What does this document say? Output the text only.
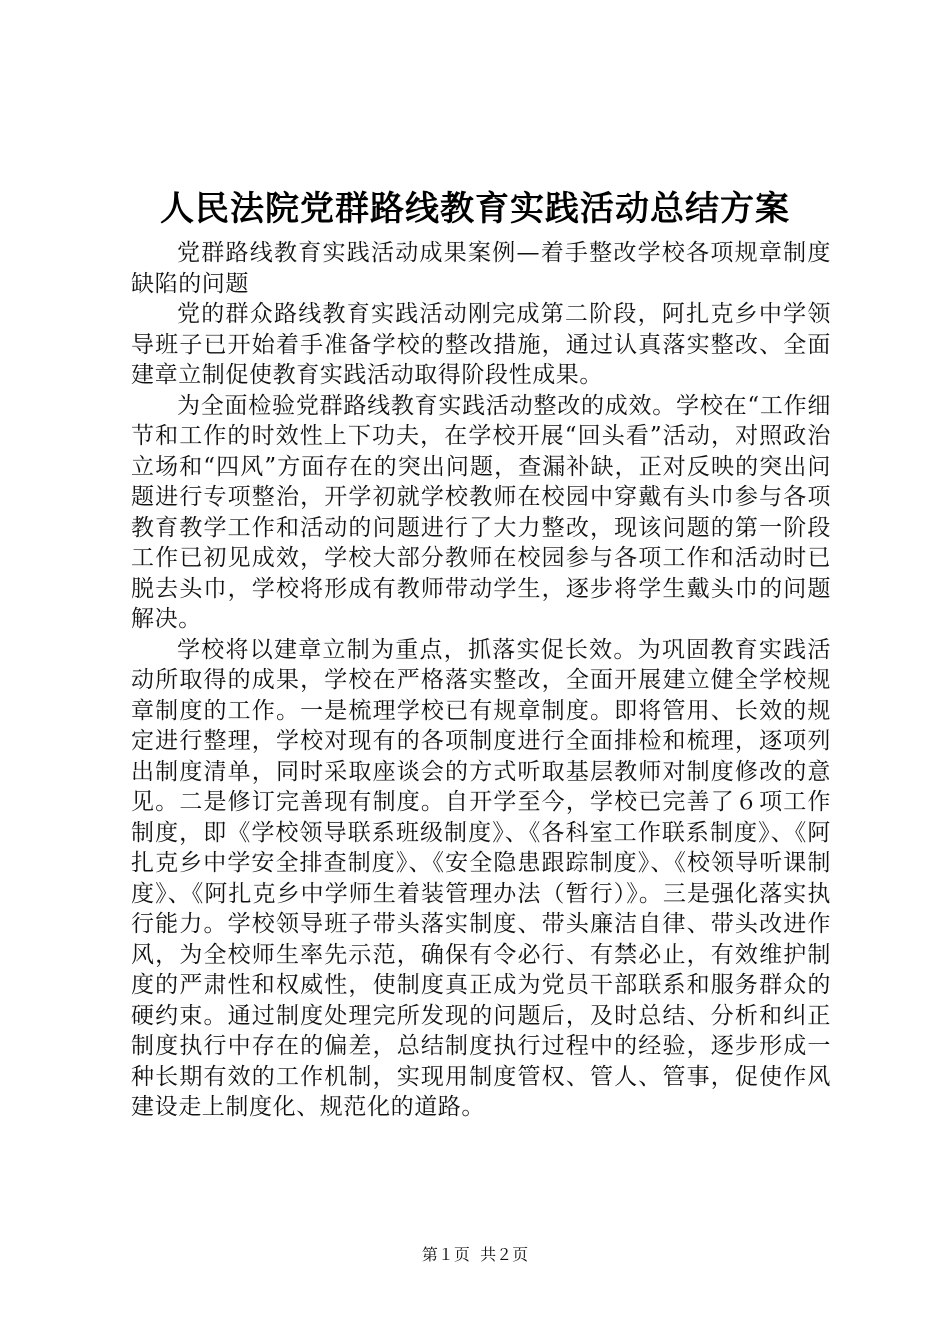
人民法院党群路线教育实践活动总结方案

党群路线教育实践活动成果案例—着手整改学校各项规章制度缺陷的问题

党的群众路线教育实践活动刚完成第二阶段，阿扎克乡中学领导班子已开始着手准备学校的整改措施，通过认真落实整改、全面建章立制促使教育实践活动取得阶段性成果。

为全面检验党群路线教育实践活动整改的成效。学校在“工作细节和工作的时效性上下功夫，在学校开展“回头看”活动，对照政治立场和“四风”方面存在的突出问题，查漏补缺，正对反映的突出问题进行专项整治，开学初就学校教师在校园中穿戴有头巾参与各项教育教学工作和活动的问题进行了大力整改，现该问题的第一阶段工作已初见成效，学校大部分教师在校园参与各项工作和活动时已脱去头巾，学校将形成有教师带动学生，逐步将学生戴头巾的问题解决。

学校将以建章立制为重点，抓落实促长效。为巩固教育实践活动所取得的成果，学校在严格落实整改，全面开展建立健全学校规章制度的工作。一是梳理学校已有规章制度。即将管用、长效的规定进行整理，学校对现有的各项制度进行全面排检和梳理，逐项列出制度清单，同时采取座谈会的方式听取基层教师对制度修改的意见。二是修订完善现有制度。自开学至今，学校已完善了６项工作制度，即《学校领导联系班级制度》、《各科室工作联系制度》、《阿扎克乡中学安全排查制度》、《安全隐患跟踪制度》、《校领导听课制度》、《阿扎克乡中学师生着装管理办法（暂行）》。三是强化落实执行能力。学校领导班子带头落实制度、带头廉洁自律、带头改进作风，为全校师生率先示范，确保有令必行、有禁必止，有效维护制度的严肃性和权威性，使制度真正成为党员干部联系和服务群众的硬约束。通过制度处理完所发现的问题后，及时总结、分析和纠正制度执行中存在的偏差，总结制度执行过程中的经验，逐步形成一种长期有效的工作机制，实现用制度管权、管人、管事，促使作风建设走上制度化、规范化的道路。

第１页  共２页
